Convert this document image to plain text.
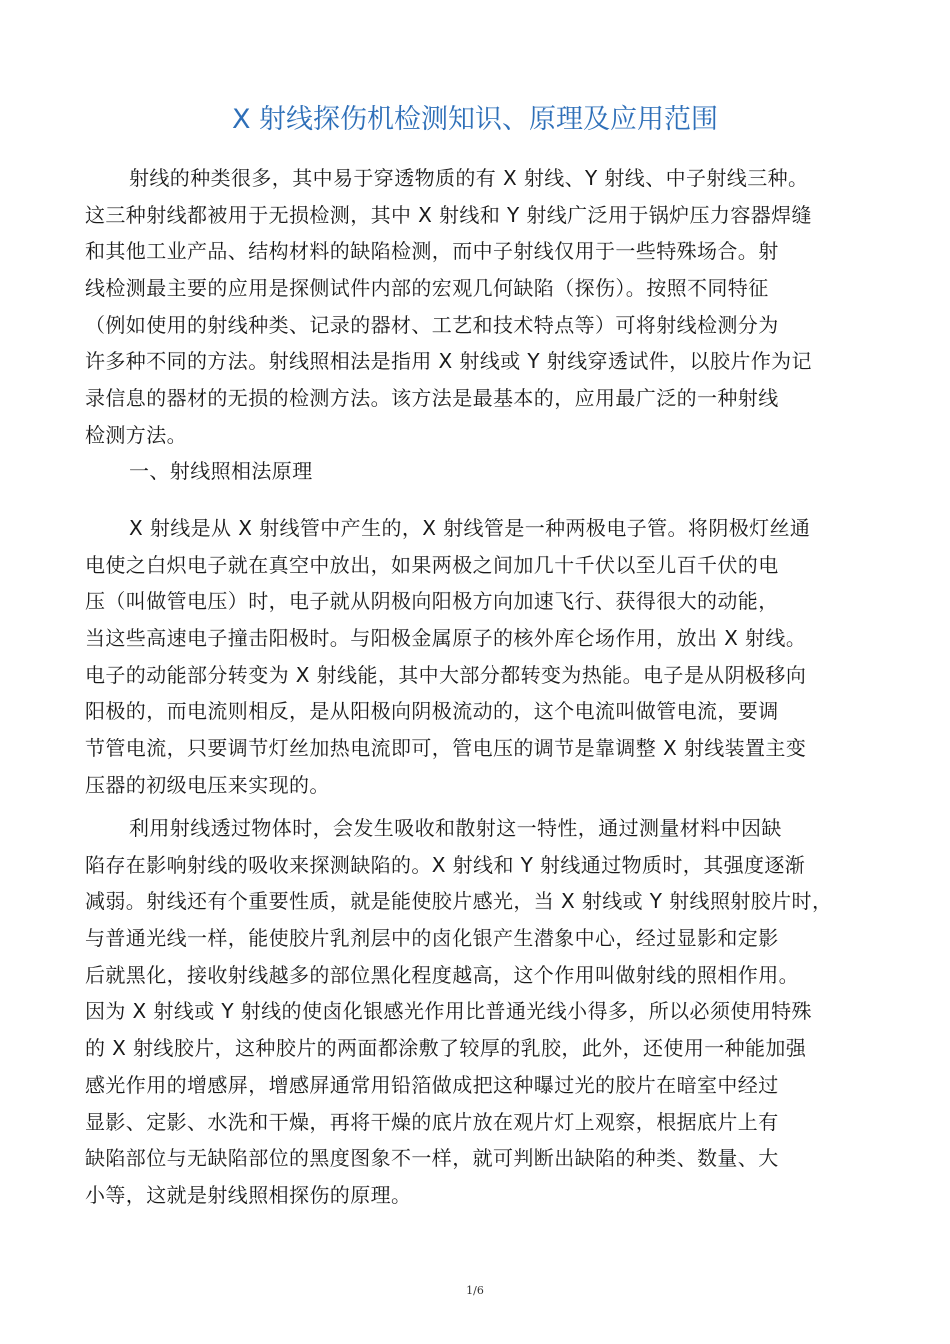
X 射线探伤机检测知识、原理及应用范围
射线的种类很多，其中易于穿透物质的有 X 射线、Y 射线、中子射线三种。
这三种射线都被用于无损检测，其中 X 射线和 Y 射线广泛用于锅炉压力容器焊缝
和其他工业产品、结构材料的缺陷检测，而中子射线仅用于一些特殊场合。射
线检测最主要的应用是探侧试件内部的宏观几何缺陷（探伤）。按照不同特征
（例如使用的射线种类、记录的器材、工艺和技术特点等）可将射线检测分为
许多种不同的方法。射线照相法是指用 X 射线或 Y 射线穿透试件，以胶片作为记
录信息的器材的无损的检测方法。该方法是最基本的，应用最广泛的一种射线
检测方法。
一、射线照相法原理
X 射线是从 X 射线管中产生的，X 射线管是一种两极电子管。将阴极灯丝通
电使之白炽电子就在真空中放出，如果两极之间加几十千伏以至儿百千伏的电
压（叫做管电压）时，电子就从阴极向阳极方向加速飞行、获得很大的动能，
当这些高速电子撞击阳极时。与阳极金属原子的核外库仑场作用，放出 X 射线。
电子的动能部分转变为 X 射线能，其中大部分都转变为热能。电子是从阴极移向
阳极的，而电流则相反，是从阳极向阴极流动的，这个电流叫做管电流，要调
节管电流，只要调节灯丝加热电流即可，管电压的调节是靠调整 X 射线装置主变
压器的初级电压来实现的。
利用射线透过物体时，会发生吸收和散射这一特性，通过测量材料中因缺
陷存在影响射线的吸收来探测缺陷的。X 射线和 Y 射线通过物质时，其强度逐渐
减弱。射线还有个重要性质，就是能使胶片感光，当 X 射线或 Y 射线照射胶片时，
与普通光线一样，能使胶片乳剂层中的卤化银产生潜象中心，经过显影和定影
后就黑化，接收射线越多的部位黑化程度越高，这个作用叫做射线的照相作用。
因为 X 射线或 Y 射线的使卤化银感光作用比普通光线小得多，所以必须使用特殊
的 X 射线胶片，这种胶片的两面都涂敷了较厚的乳胶，此外，还使用一种能加强
感光作用的增感屏，增感屏通常用铅箔做成把这种曝过光的胶片在暗室中经过
显影、定影、水洗和干燥，再将干燥的底片放在观片灯上观察，根据底片上有
缺陷部位与无缺陷部位的黑度图象不一样，就可判断出缺陷的种类、数量、大
小等，这就是射线照相探伤的原理。
1/6
